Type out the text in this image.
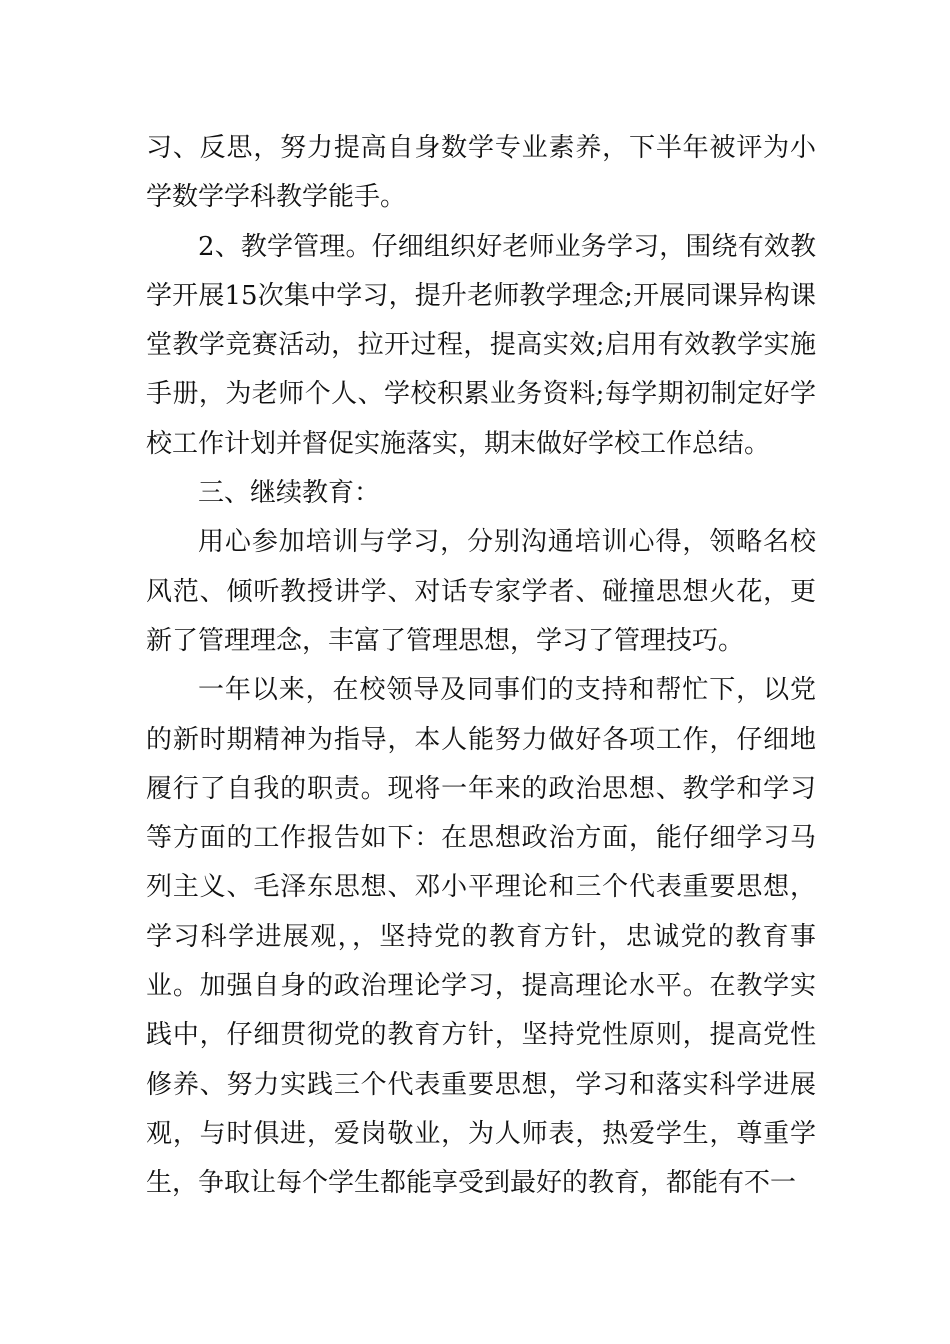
习、反思，努力提高自身数学专业素养，下半年被评为小学数学学科教学能手。

2、教学管理。仔细组织好老师业务学习，围绕有效教学开展15次集中学习，提升老师教学理念;开展同课异构课堂教学竞赛活动，拉开过程，提高实效;启用有效教学实施手册，为老师个人、学校积累业务资料;每学期初制定好学校工作计划并督促实施落实，期末做好学校工作总结。

三、继续教育：

用心参加培训与学习，分别沟通培训心得，领略名校风范、倾听教授讲学、对话专家学者、碰撞思想火花，更新了管理理念，丰富了管理思想，学习了管理技巧。

一年以来，在校领导及同事们的支持和帮忙下，以党的新时期精神为指导，本人能努力做好各项工作，仔细地履行了自我的职责。现将一年来的政治思想、教学和学习等方面的工作报告如下：在思想政治方面，能仔细学习马列主义、毛泽东思想、邓小平理论和三个代表重要思想，学习科学进展观，，坚持党的教育方针，忠诚党的教育事业。加强自身的政治理论学习，提高理论水平。在教学实践中，仔细贯彻党的教育方针，坚持党性原则，提高党性修养、努力实践三个代表重要思想，学习和落实科学进展观，与时俱进，爱岗敬业，为人师表，热爱学生，尊重学生，争取让每个学生都能享受到最好的教育，都能有不一
